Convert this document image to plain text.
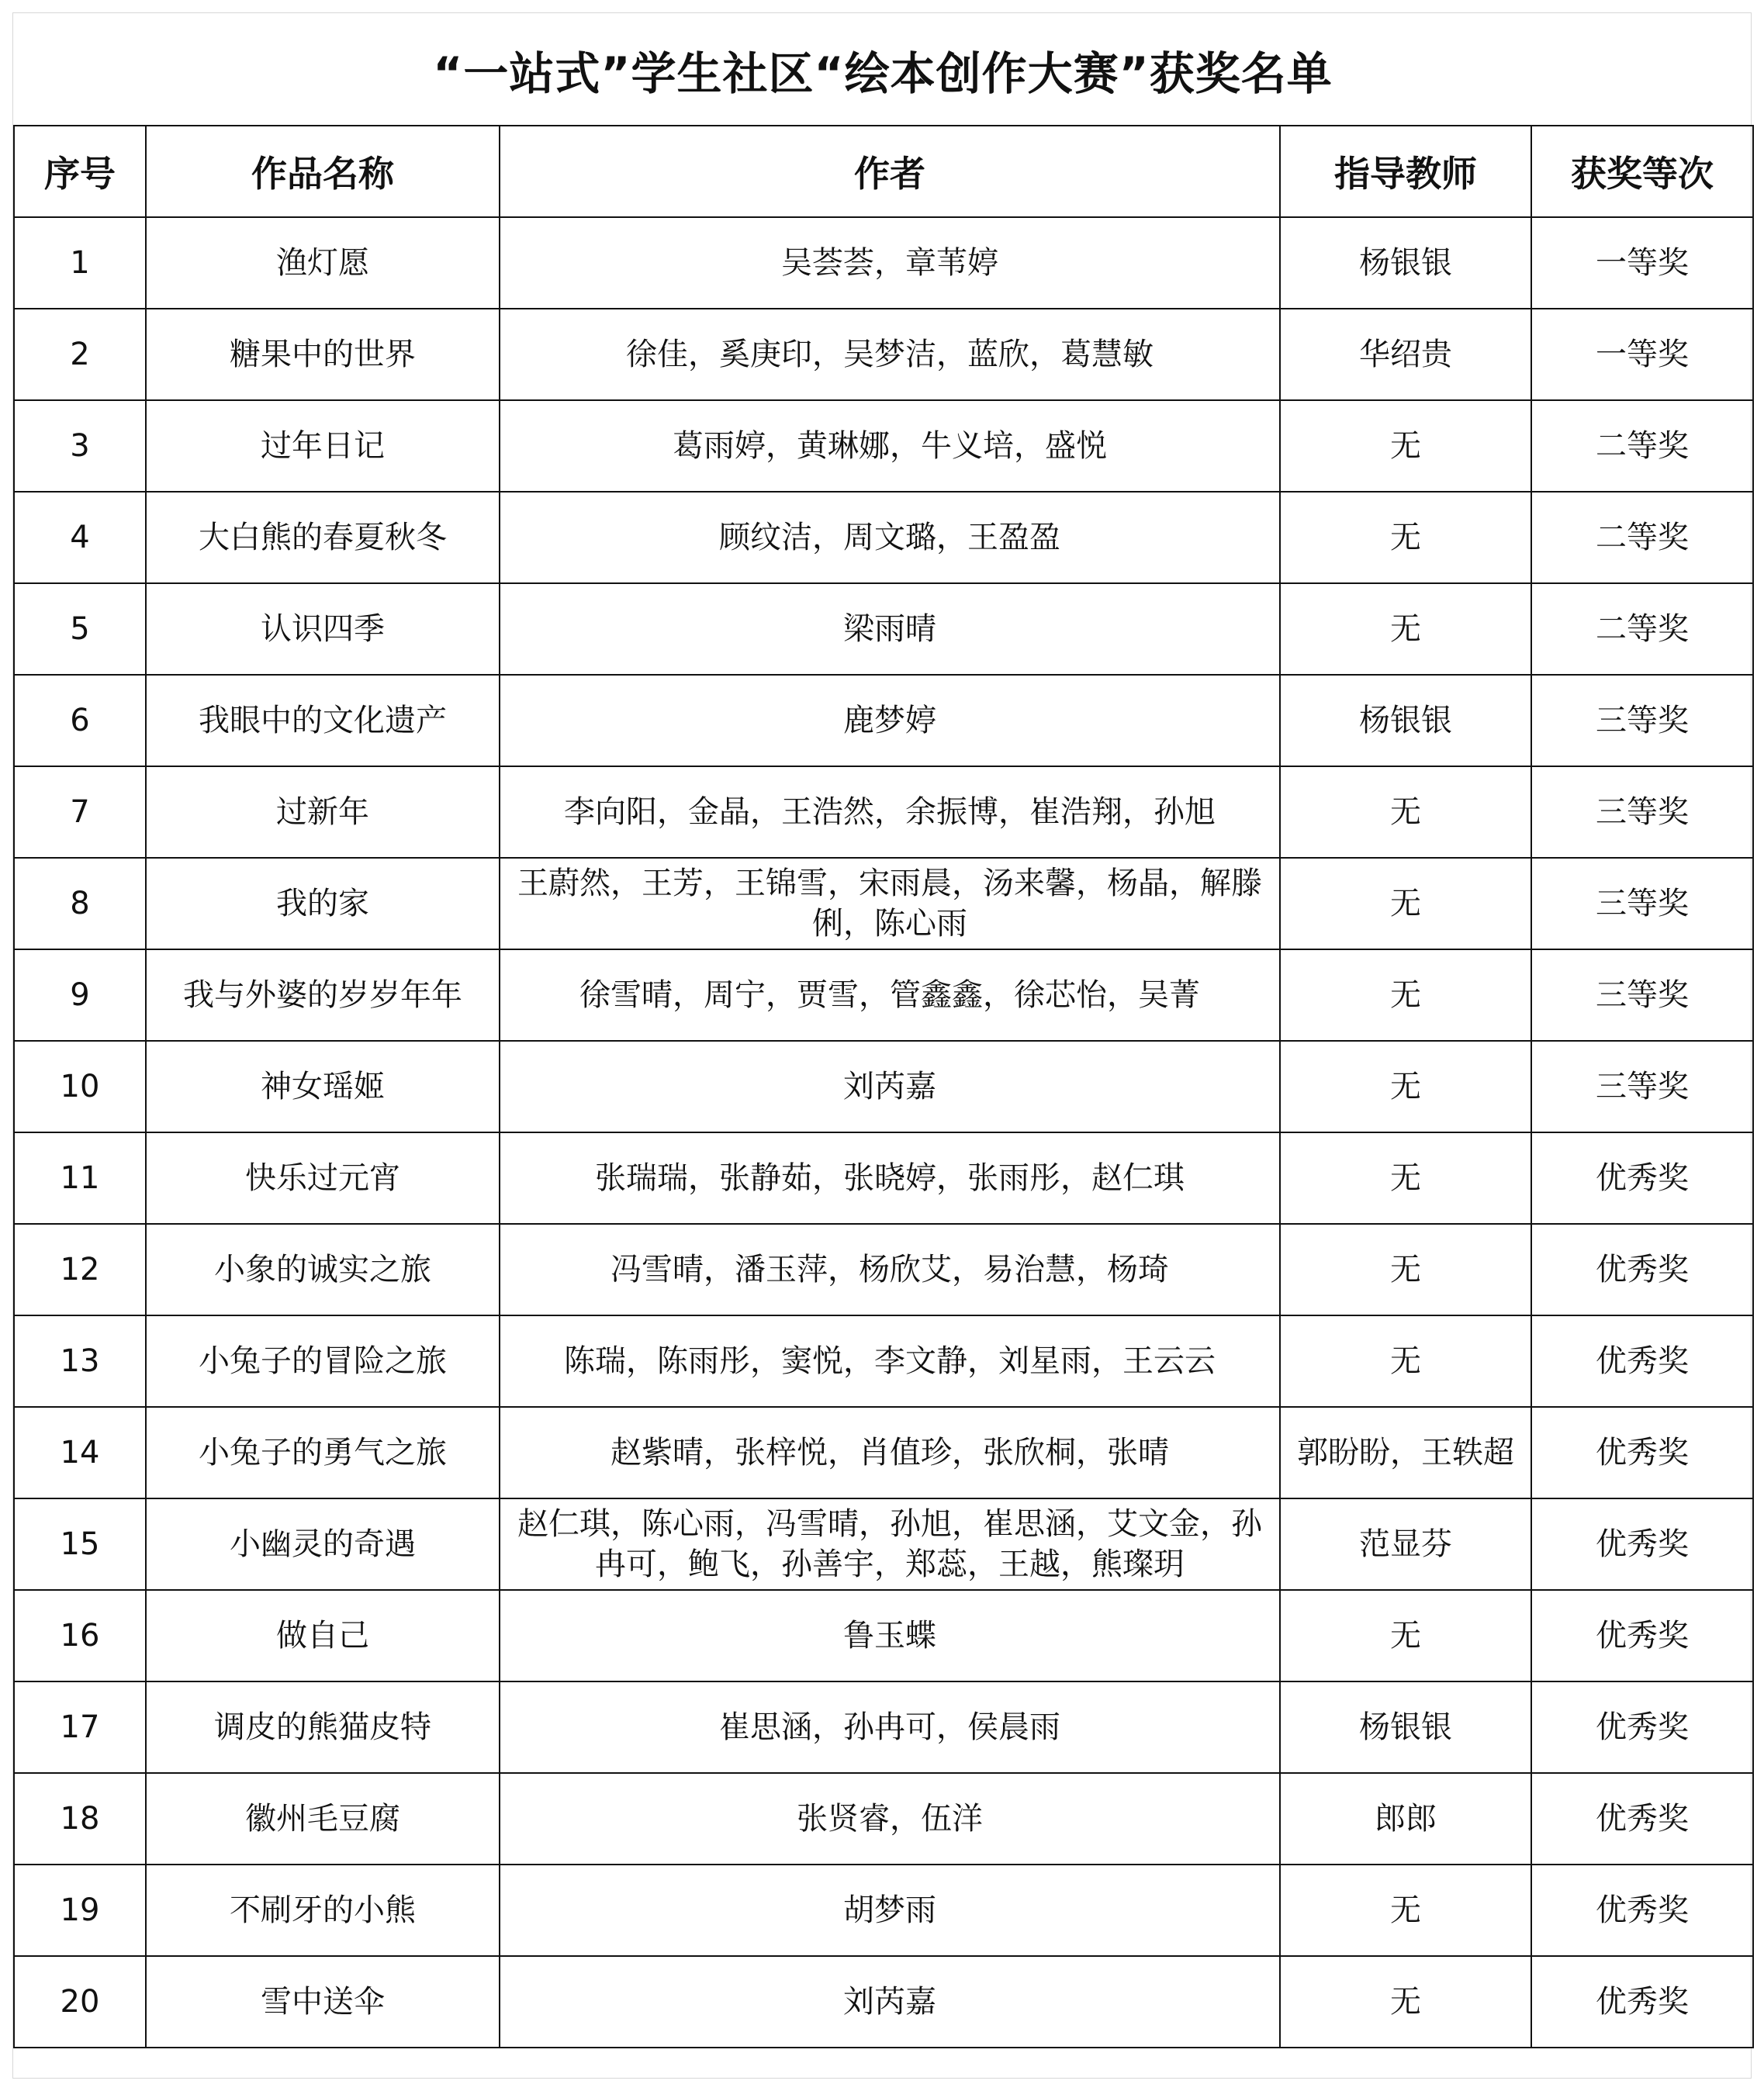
“一站式”学生社区“绘本创作大赛”获奖名单
序号	作品名称	作者	指导教师	获奖等次
1	渔灯愿	吴荟荟，章苇婷	杨银银	一等奖
2	糖果中的世界	徐佳，奚庚印，吴梦洁，蓝欣，葛慧敏	华绍贵	一等奖
3	过年日记	葛雨婷，黄琳娜，牛义培，盛悦	无	二等奖
4	大白熊的春夏秋冬	顾纹洁，周文璐，王盈盈	无	二等奖
5	认识四季	梁雨晴	无	二等奖
6	我眼中的文化遗产	鹿梦婷	杨银银	三等奖
7	过新年	李向阳，金晶，王浩然，余振博，崔浩翔，孙旭	无	三等奖
8	我的家	王蔚然，王芳，王锦雪，宋雨晨，汤来馨，杨晶，解滕俐，陈心雨	无	三等奖
9	我与外婆的岁岁年年	徐雪晴，周宁，贾雪，管鑫鑫，徐芯怡，吴菁	无	三等奖
10	神女瑶姬	刘芮嘉	无	三等奖
11	快乐过元宵	张瑞瑞，张静茹，张晓婷，张雨彤，赵仁琪	无	优秀奖
12	小象的诚实之旅	冯雪晴，潘玉萍，杨欣艾，易治慧，杨琦	无	优秀奖
13	小兔子的冒险之旅	陈瑞，陈雨彤，窦悦，李文静，刘星雨，王云云	无	优秀奖
14	小兔子的勇气之旅	赵紫晴，张梓悦，肖值珍，张欣桐，张晴	郭盼盼，王轶超	优秀奖
15	小幽灵的奇遇	赵仁琪，陈心雨，冯雪晴，孙旭，崔思涵，艾文金，孙冉可，鲍飞，孙善宇，郑蕊，王越，熊璨玥	范显芬	优秀奖
16	做自己	鲁玉蝶	无	优秀奖
17	调皮的熊猫皮特	崔思涵，孙冉可，侯晨雨	杨银银	优秀奖
18	徽州毛豆腐	张贤睿，伍洋	郎郎	优秀奖
19	不刷牙的小熊	胡梦雨	无	优秀奖
20	雪中送伞	刘芮嘉	无	优秀奖
